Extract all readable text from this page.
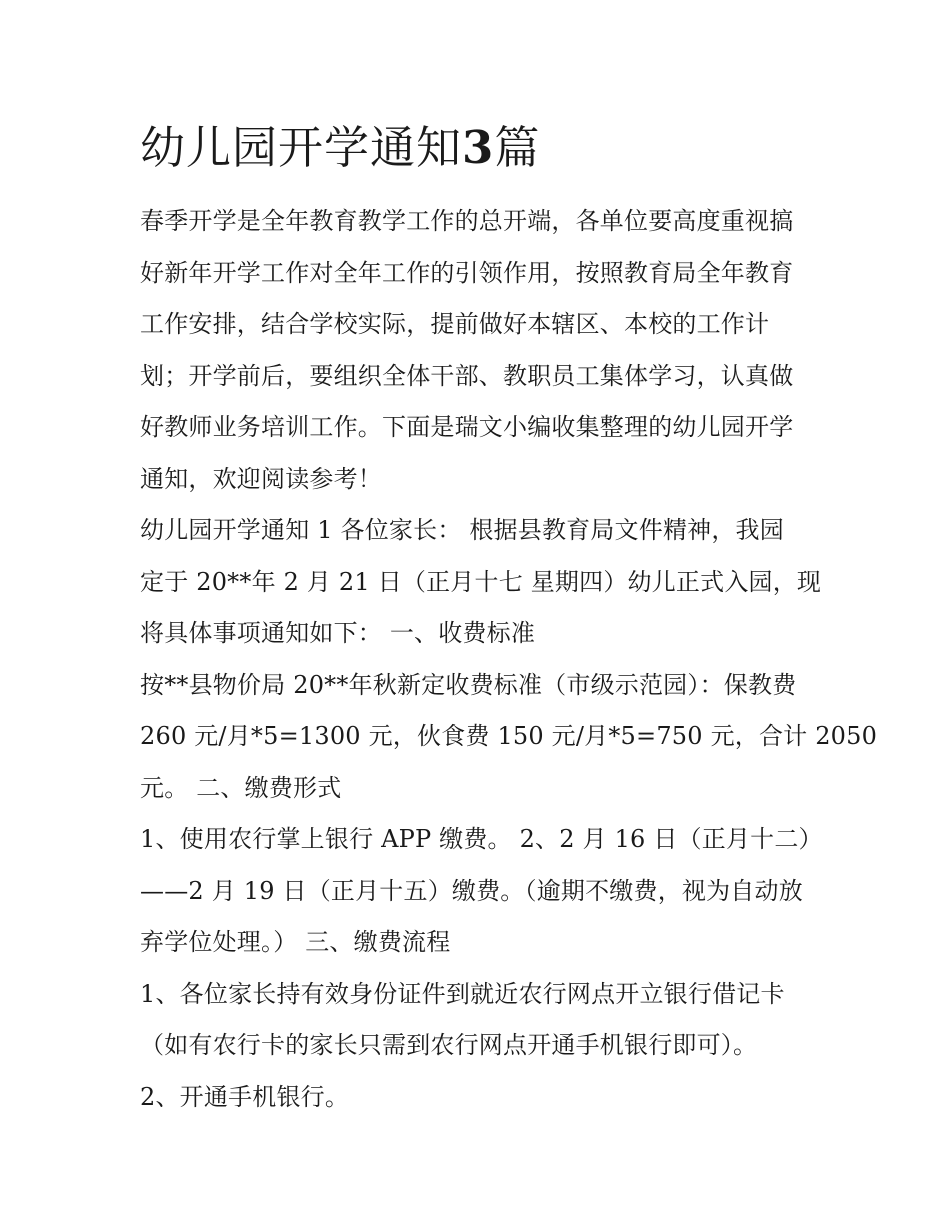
幼儿园开学通知3篇
春季开学是全年教育教学工作的总开端，各单位要高度重视搞
好新年开学工作对全年工作的引领作用，按照教育局全年教育
工作安排，结合学校实际，提前做好本辖区、本校的工作计
划；开学前后，要组织全体干部、教职员工集体学习，认真做
好教师业务培训工作。下面是瑞文小编收集整理的幼儿园开学
通知，欢迎阅读参考！
幼儿园开学通知 1 各位家长： 根据县教育局文件精神，我园
定于 20**年 2 月 21 日（正月十七 星期四）幼儿正式入园，现
将具体事项通知如下： 一、收费标准
按**县物价局 20**年秋新定收费标准（市级示范园）：保教费
260 元/月*5=1300 元，伙食费 150 元/月*5=750 元，合计 2050
元。 二、缴费形式
1、使用农行掌上银行 APP 缴费。 2、2 月 16 日（正月十二）
——2 月 19 日（正月十五）缴费。（逾期不缴费，视为自动放
弃学位处理。） 三、缴费流程
1、各位家长持有效身份证件到就近农行网点开立银行借记卡
（如有农行卡的家长只需到农行网点开通手机银行即可）。
2、开通手机银行。
